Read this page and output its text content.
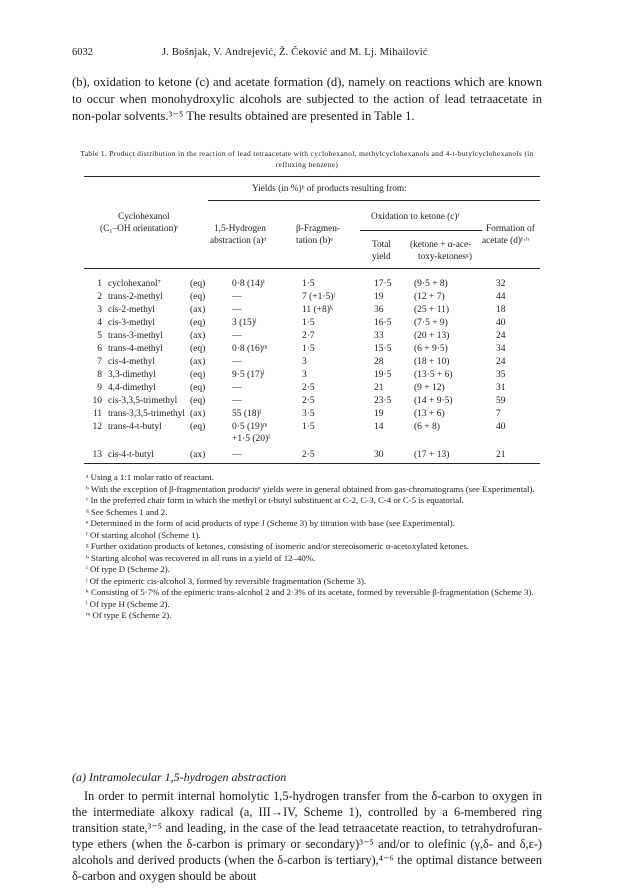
6032	J. Bošnjak, V. Andrejević, Ž. Čeković and M. Lj. Mihailović
(b), oxidation to ketone (c) and acetate formation (d), namely on reactions which are known to occur when monohydroxylic alcohols are subjected to the action of lead tetraacetate in non-polar solvents.³⁻⁵ The results obtained are presented in Table 1.
Table 1. Product distribution in the reaction of lead tetraacetate with cyclohexanol, methylcyclohexanols and 4-t-butylcyclohexanols (in refluxing benzene)
Yields (in %)ᵇ of products resulting from:
Cyclohexanol
(C₁–OH orientation)ᶜ	1,5-Hydrogen
abstraction (a)ᵈ
β-Fragmen-
tation (b)ᵉ
Oxidation to ketone (c)ᶠ
Total
yield
(ketone + α-ace-
toxy-ketonesᵍ)
Formation of
acetate (d)ᶠ·ʰ
1 cyclohexanol⁷	(eq)	0·8 (14)ⁱ	1·5	17·5 (9·5 + 8)	32
2 trans-2-methyl	(eq)	—	7 (+1·5)ʲ	19	(12 + 7)	44
3 cis-2-methyl	(ax)	—	11 (+8)ᵏ	36	(25 + 11)	18
4 cis-3-methyl	(eq)	3 (15)ˡ	1·5	16·5 (7·5 + 9)	40
5 trans-3-methyl	(ax)	—	2·7	33	(20 + 13)	24
6 trans-4-methyl	(eq)	0·8 (16)ᵐ	1·5	15·5 (6 + 9·5)	34
7 cis-4-methyl	(ax)	—	3	28	(18 + 10)	24
8 3,3-dimethyl	(eq)	9·5 (17)ˡ	3	19·5 (13·5 + 6)	35
9 4,4-dimethyl	(eq)	—	2·5	21	(9 + 12)	31
10 cis-3,3,5-trimethyl (eq)	—	2·5	23·5 (14 + 9·5)	59
11 trans-3,3,5-trimethyl (ax)	55 (18)ˡ	3·5	19	(13 + 6)	7
12 trans-4-t-butyl	(eq)	0·5 (19)ᵐ	1·5	14	(6 + 8)	40
+1·5 (20)ˡ
13 cis-4-t-butyl	(ax)	—	2·5	30	(17 + 13)	21

ᵃ Using a 1:1 molar ratio of reactant.

ᵇ With the exception of β-fragmentation productsᵉ yields were in general obtained from gas-chromatograms (see Experimental).

ᶜ In the preferred chair form in which the methyl or t-butyl substituent at C-2, C-3, C-4 or C-5 is equatorial.

ᵈ See Schemes 1 and 2.

ᵉ Determined in the form of acid products of type J (Scheme 3) by titration with base (see Experimental).

ᶠ Of starting alcohol (Scheme 1).

ᵍ Further oxidation products of ketones, consisting of isomeric and/or stereoisomeric α-acetoxylated ketones.

ʰ Starting alcohol was recovered in all runs in a yield of 12–40%.

ⁱ Of type D (Scheme 2).

ʲ Of the epimeric cis-alcohol 3, formed by reversible fragmentation (Scheme 3).

ᵏ Consisting of 5·7% of the epimeric trans-alcohol 2 and 2·3% of its acetate, formed by reversible β-fragmentation (Scheme 3).

ˡ Of type H (Scheme 2).

ᵐ Of type E (Scheme 2).

(a) Intramolecular 1,5-hydrogen abstraction

In order to permit internal homolytic 1,5-hydrogen transfer from the δ-carbon to oxygen in the intermediate alkoxy radical (a, III→IV, Scheme 1), controlled by a 6-membered ring transition state,³⁻⁵ and leading, in the case of the lead tetraacetate reaction, to tetrahydrofuran-type ethers (when the δ-carbon is primary or secondary)³⁻⁵ and/or to olefinic (γ,δ- and δ,ε-) alcohols and derived products (when the δ-carbon is tertiary),⁴⁻⁶ the optimal distance between δ-carbon and oxygen should be about
